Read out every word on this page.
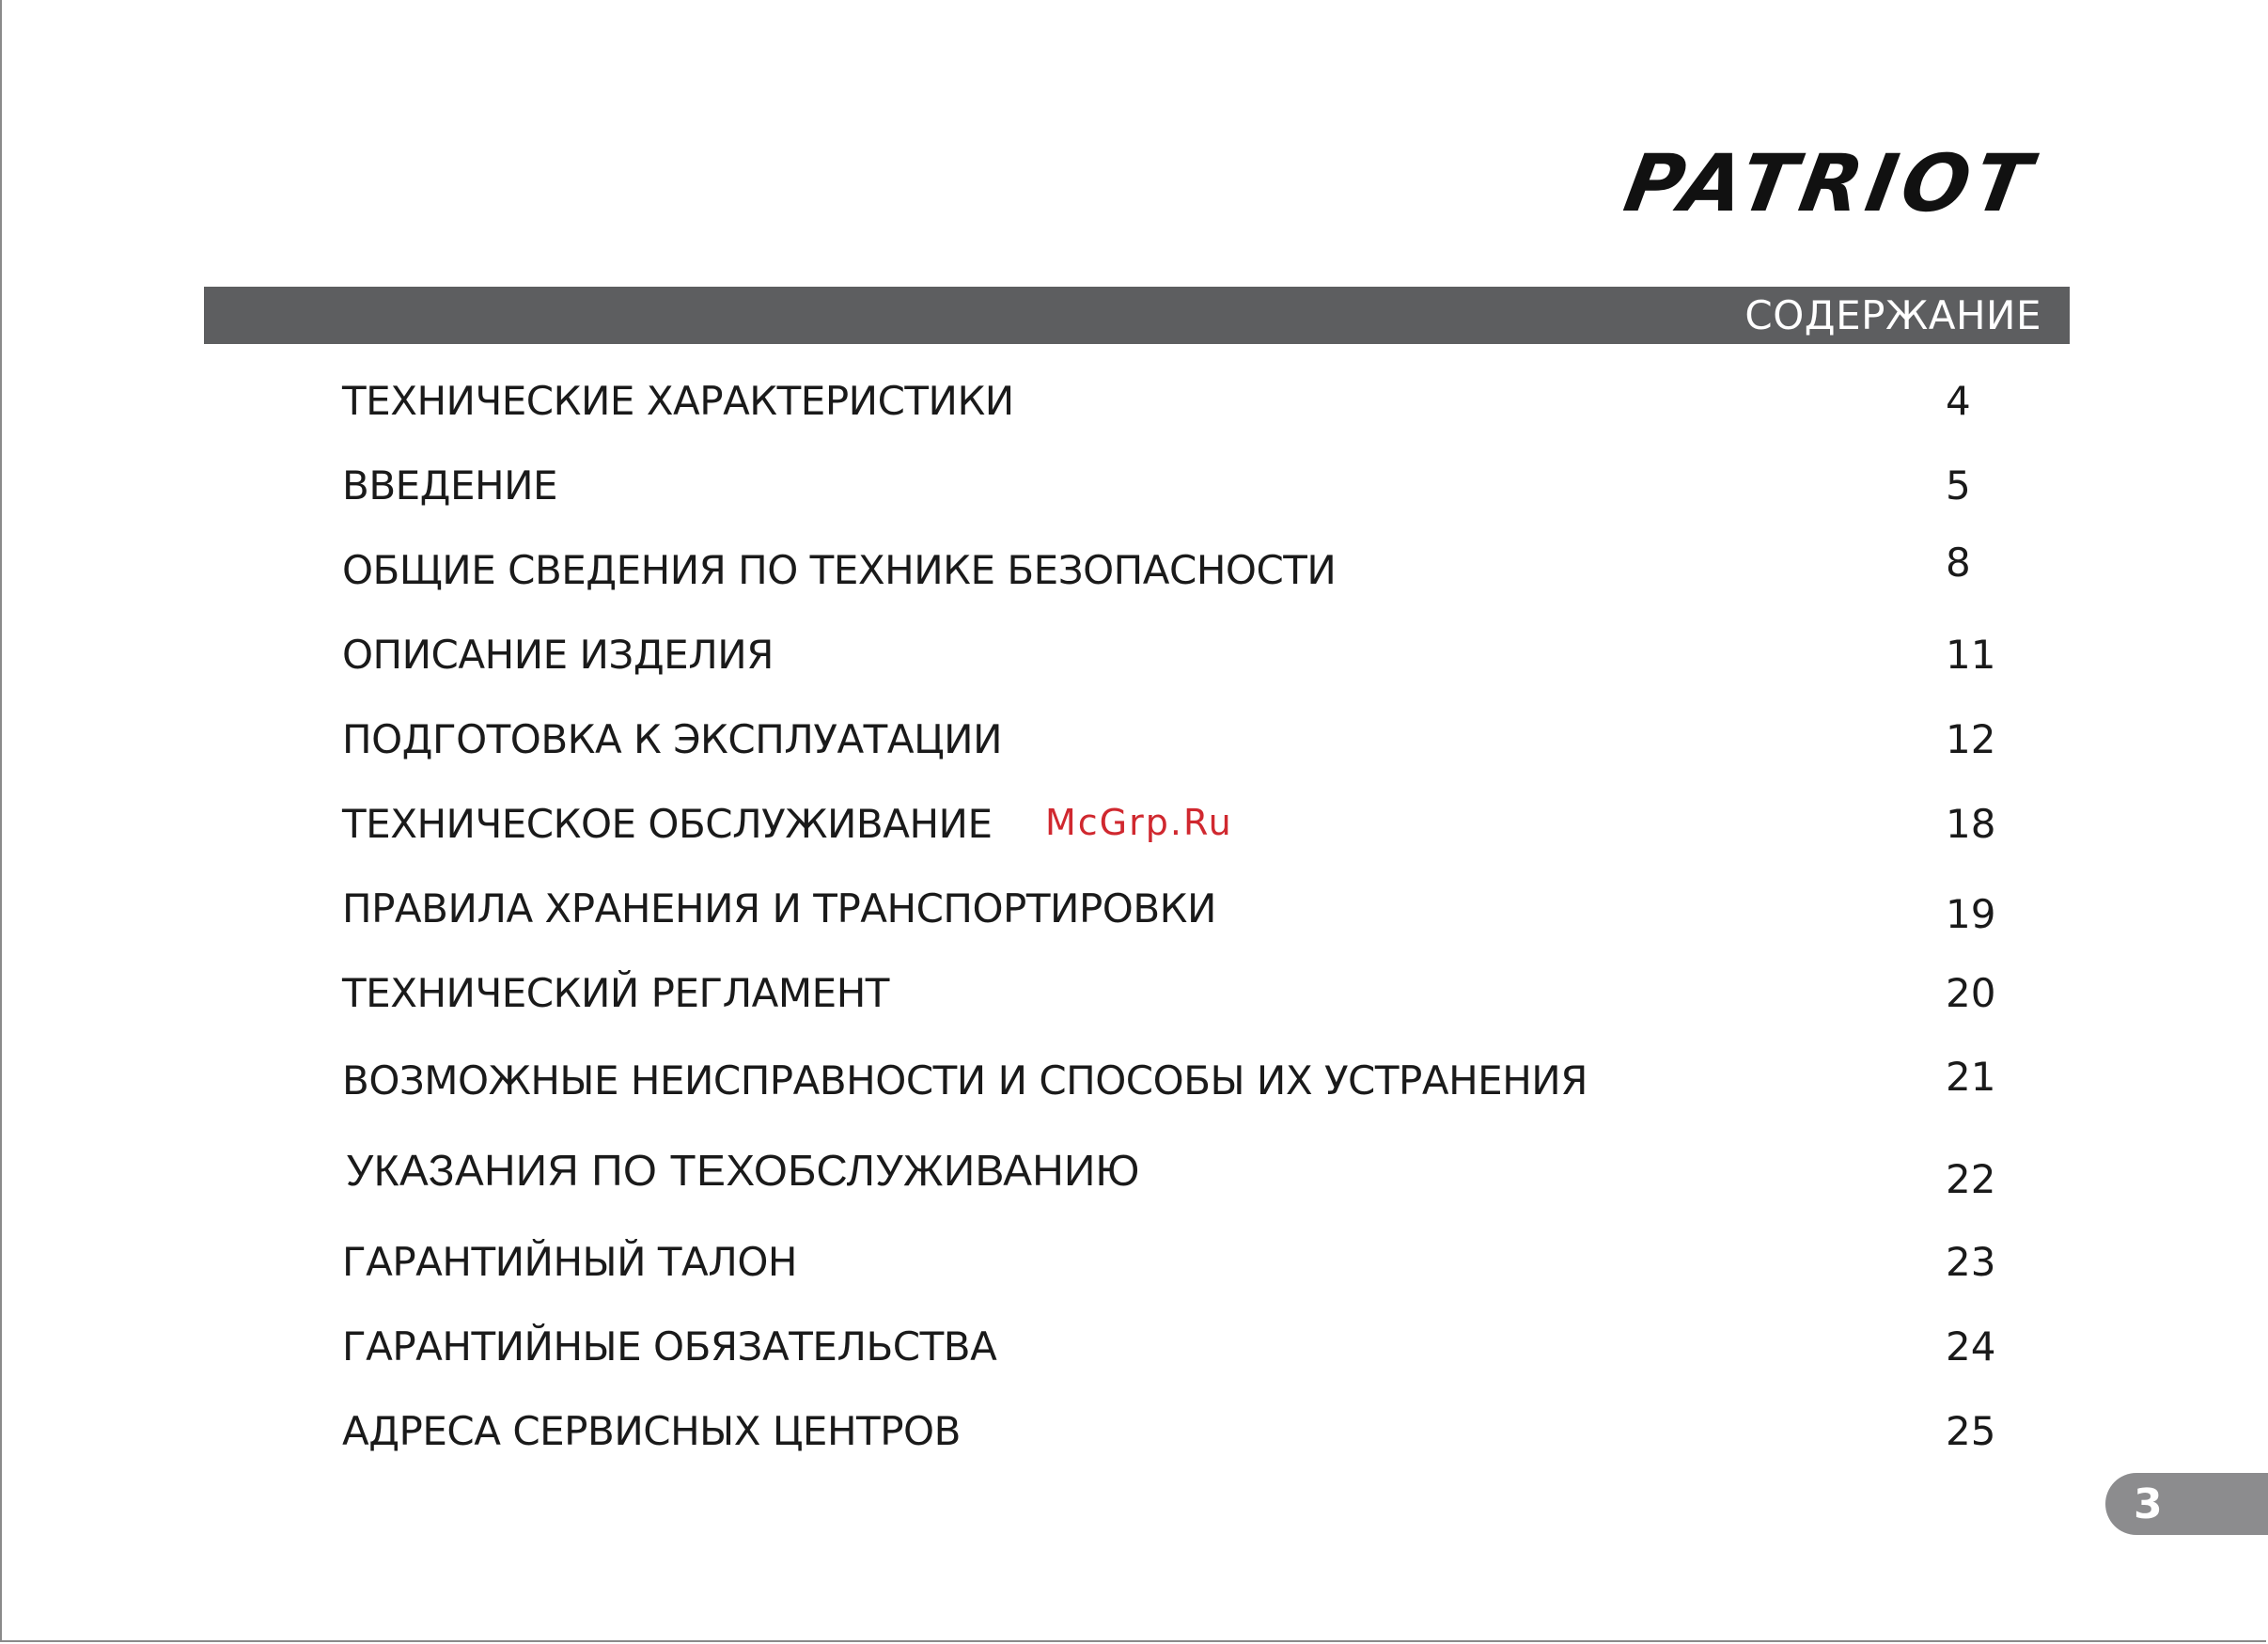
PATRIOT
СОДЕРЖАНИЕ
ТЕХНИЧЕСКИЕ ХАРАКТЕРИСТИКИ	4
ВВЕДЕНИЕ	5
ОБЩИЕ СВЕДЕНИЯ ПО ТЕХНИКЕ БЕЗОПАСНОСТИ	8
ОПИСАНИЕ ИЗДЕЛИЯ	11
ПОДГОТОВКА К ЭКСПЛУАТАЦИИ	12
ТЕХНИЧЕСКОЕ ОБСЛУЖИВАНИЕ	18
ПРАВИЛА ХРАНЕНИЯ И ТРАНСПОРТИРОВКИ	19
ТЕХНИЧЕСКИЙ РЕГЛАМЕНТ	20
ВОЗМОЖНЫЕ НЕИСПРАВНОСТИ И СПОСОБЫ ИХ УСТРАНЕНИЯ	21
УКАЗАНИЯ ПО ТЕХОБСЛУЖИВАНИЮ	22
ГАРАНТИЙНЫЙ ТАЛОН	23
ГАРАНТИЙНЫЕ ОБЯЗАТЕЛЬСТВА	24
АДРЕСА СЕРВИСНЫХ ЦЕНТРОВ	25
McGrp.Ru
3
